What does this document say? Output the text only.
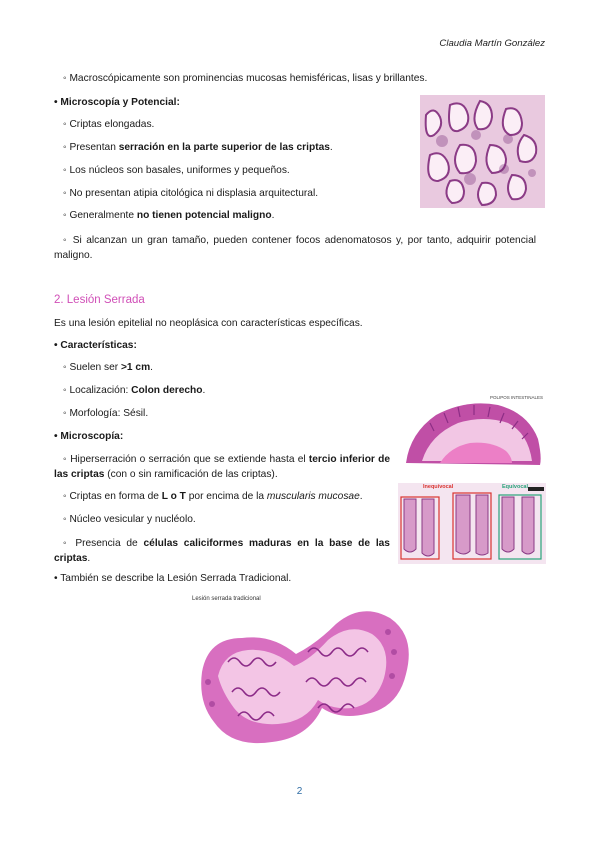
Claudia Martín González
◦ Macroscópicamente son prominencias mucosas hemisféricas, lisas y brillantes.
• Microscopía y Potencial:
◦ Criptas elongadas.
◦ Presentan serración en la parte superior de las criptas.
◦ Los núcleos son basales, uniformes y pequeños.
◦ No presentan atipia citológica ni displasia arquitectural.
◦ Generalmente no tienen potencial maligno.
◦ Si alcanzan un gran tamaño, pueden contener focos adenomatosos y, por tanto, adquirir potencial maligno.
2. Lesión Serrada
Es una lesión epitelial no neoplásica con características específicas.
• Características:
◦ Suelen ser >1 cm.
◦ Localización: Colon derecho.
◦ Morfología: Sésil.
• Microscopía:
◦ Hiperserración o serración que se extiende hasta el tercio inferior de las criptas (con o sin ramificación de las criptas).
◦ Criptas en forma de L o T por encima de la muscularis mucosae.
◦ Núcleo vesicular y nucléolo.
◦ Presencia de células caliciformes maduras en la base de las criptas.
• También se describe la Lesión Serrada Tradicional.
POLIPOS INTESTINALES
Inequívocal	Equívocal
Lesión serrada tradicional
2
